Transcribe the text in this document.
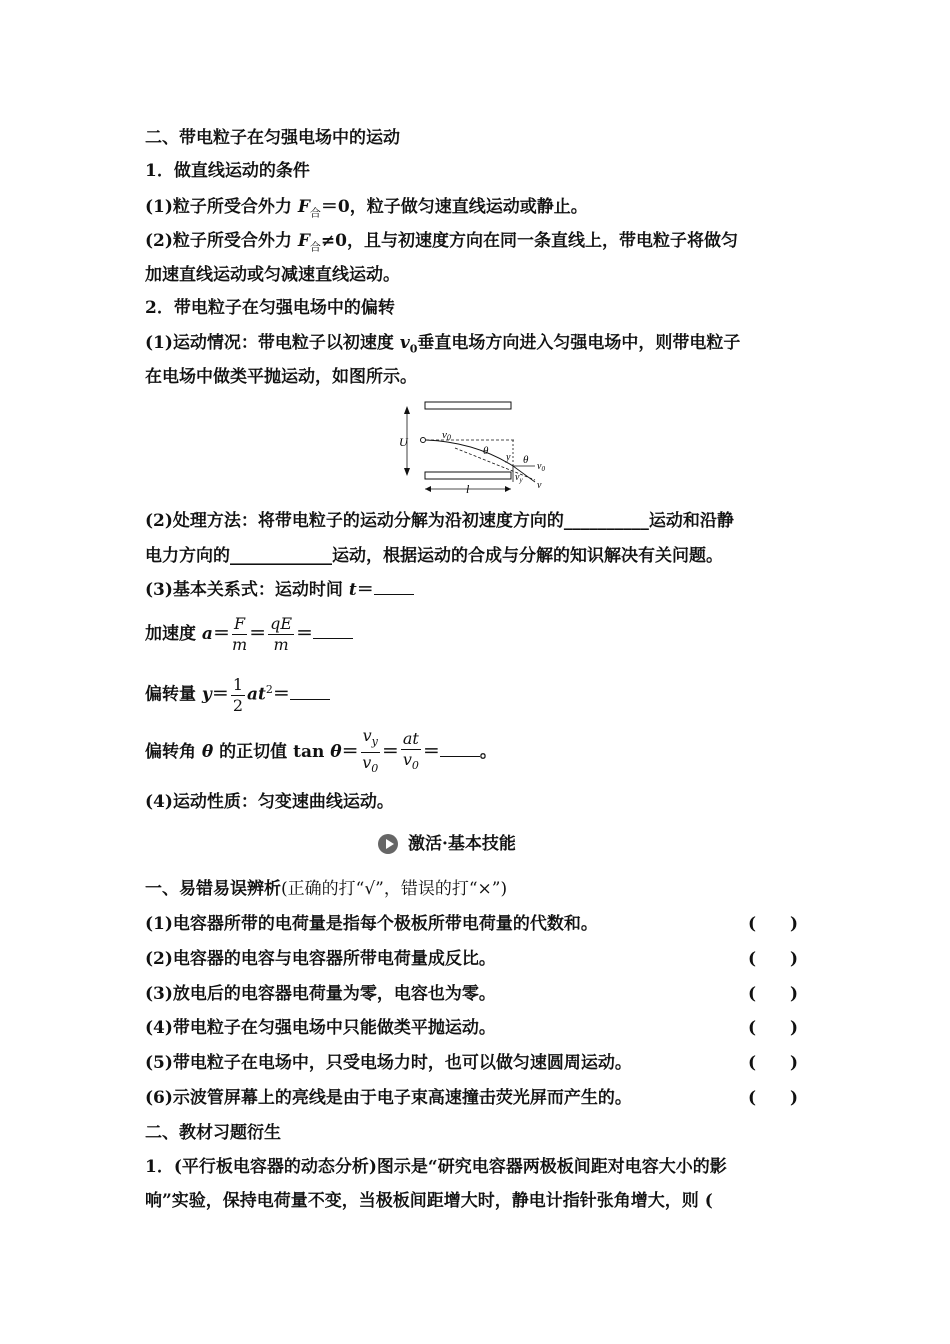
二、带电粒子在匀强电场中的运动
1．做直线运动的条件
(1)粒子所受合外力 $F_合=0$，粒子做匀速直线运动或静止。
(2)粒子所受合外力 $F_合\ne 0$，且与初速度方向在同一条直线上，带电粒子将做匀
加速直线运动或匀减速直线运动。
2．带电粒子在匀强电场中的偏转
(1)运动情况：带电粒子以初速度 $v_0$垂直电场方向进入匀强电场中，则带电粒子
在电场中做类平抛运动，如图所示。
U	v0
θ
θ
y
$v_0$
$v_y$ v
l
(2)处理方法：将带电粒子的运动分解为沿初速度方向的__________运动和沿静
电力方向的____________运动，根据运动的合成与分解的知识解决有关问题。
(3)基本关系式：运动时间 t＝
加速度 $a= \frac{F}{m} = \frac{qE}{m}$ ＝
偏转量 $y= \frac{1}{2} at^2=$
偏转角 θ 的正切值 $\tan \theta= \frac{v_y}{v_0} = \frac{at}{v_0}$ ＝ 。
(4)运动性质：匀变速曲线运动。
激活·基本技能
一、易错易误辨析(正确的打“√”，错误的打“×”)
(1)电容器所带的电荷量是指每个极板所带电荷量的代数和。	(　　)
(2)电容器的电容与电容器所带电荷量成反比。	(　　)
(3)放电后的电容器电荷量为零，电容也为零。	(　　)
(4)带电粒子在匀强电场中只能做类平抛运动。	(　　)
(5)带电粒子在电场中，只受电场力时，也可以做匀速圆周运动。	(　　)
(6)示波管屏幕上的亮线是由于电子束高速撞击荧光屏而产生的。	(　　)
二、教材习题衍生
1．(平行板电容器的动态分析)图示是“研究电容器两极板间距对电容大小的影
响”实验，保持电荷量不变，当极板间距增大时，静电计指针张角增大，则 (
